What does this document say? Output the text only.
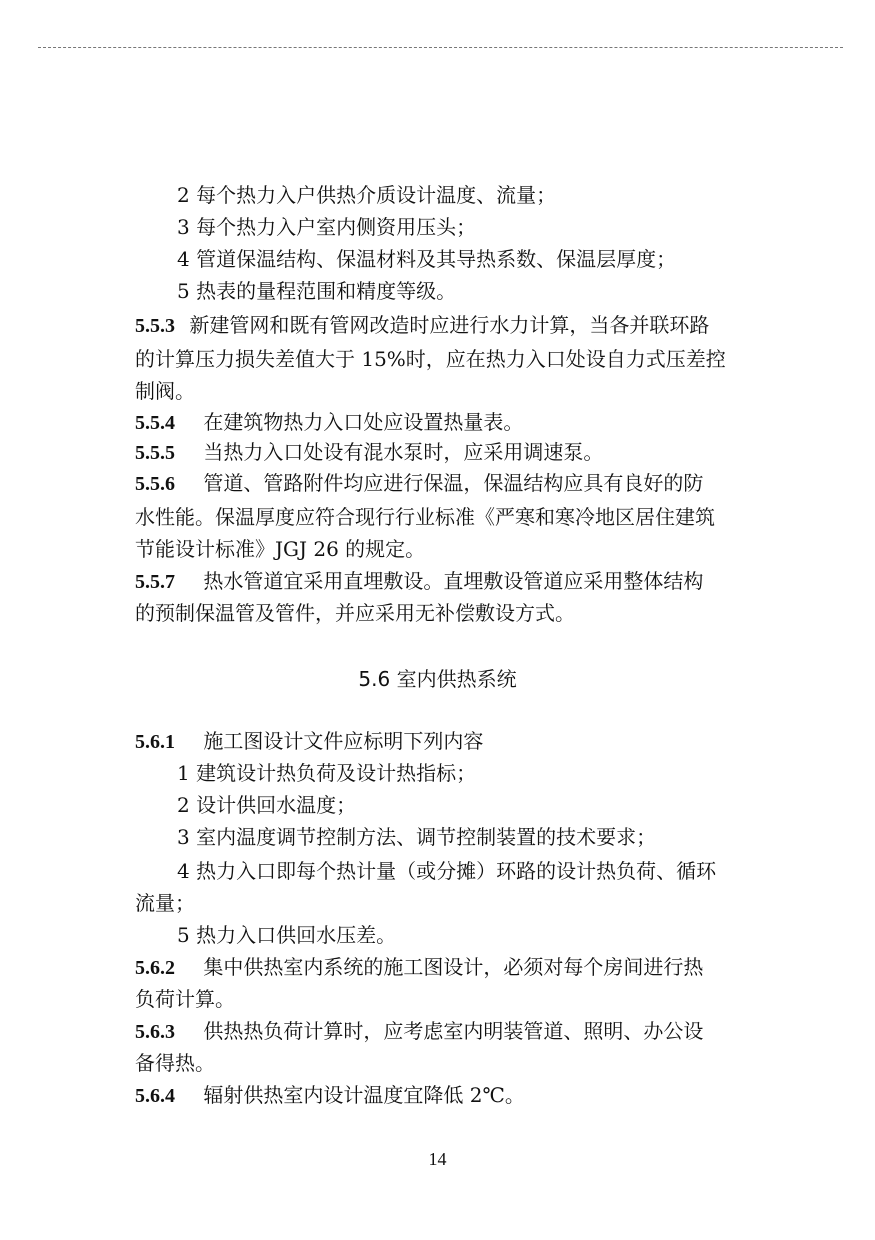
2 每个热力入户供热介质设计温度、流量；
3 每个热力入户室内侧资用压头；
4 管道保温结构、保温材料及其导热系数、保温层厚度；
5 热表的量程范围和精度等级。
5.5.3 新建管网和既有管网改造时应进行水力计算，当各并联环路
的计算压力损失差值大于 15%时，应在热力入口处设自力式压差控
制阀。
5.5.4 在建筑物热力入口处应设置热量表。
5.5.5 当热力入口处设有混水泵时，应采用调速泵。
5.5.6 管道、管路附件均应进行保温，保温结构应具有良好的防
水性能。保温厚度应符合现行行业标准《严寒和寒冷地区居住建筑
节能设计标准》JGJ 26 的规定。
5.5.7 热水管道宜采用直埋敷设。直埋敷设管道应采用整体结构
的预制保温管及管件，并应采用无补偿敷设方式。
5.6 室内供热系统
5.6.1 施工图设计文件应标明下列内容
1 建筑设计热负荷及设计热指标；
2 设计供回水温度；
3 室内温度调节控制方法、调节控制装置的技术要求；
4 热力入口即每个热计量（或分摊）环路的设计热负荷、循环
流量；
5 热力入口供回水压差。
5.6.2 集中供热室内系统的施工图设计，必须对每个房间进行热
负荷计算。
5.6.3 供热热负荷计算时，应考虑室内明装管道、照明、办公设
备得热。
5.6.4 辐射供热室内设计温度宜降低 2℃。
14
